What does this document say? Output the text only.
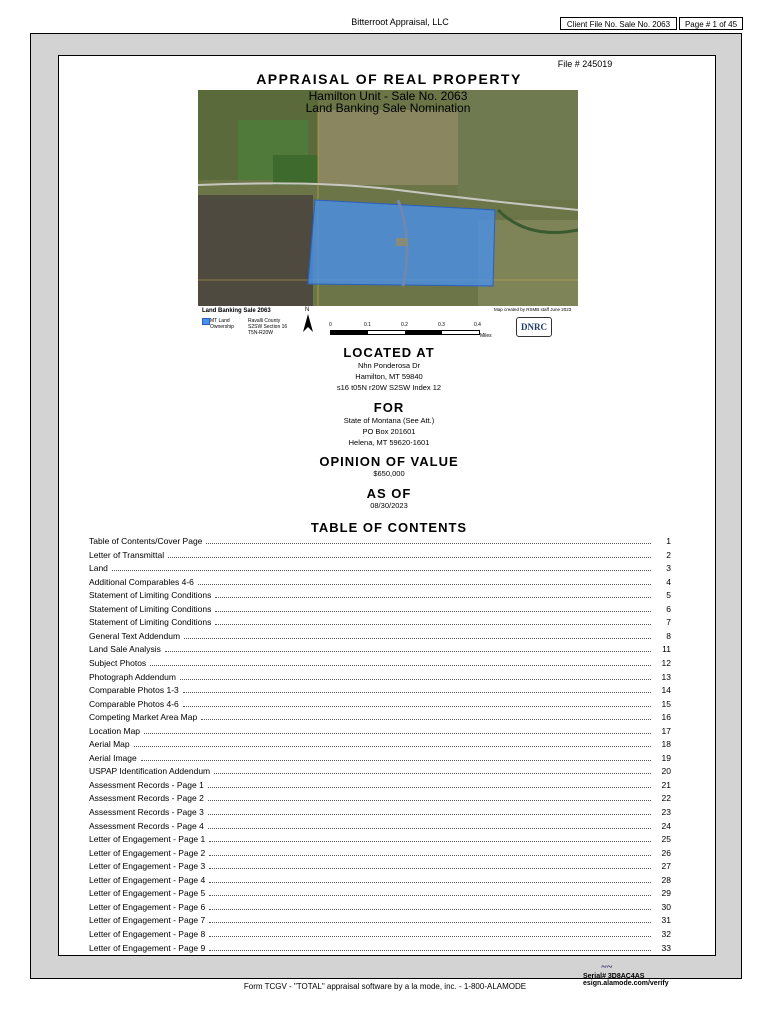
Bitterroot Appraisal, LLC	Client File No. Sale No. 2063	Page # 1 of 45
File # 245019
APPRAISAL OF REAL PROPERTY
Hamilton Unit - Sale No. 2063
Land Banking Sale Nomination
Land Banking Sale 2063
MT Land Ownership
Ravalli County
S2SW Section 16
T5N-R20W
N
0	0.1	0.2	0.3	0.4
Miles
Map created by RSMB staff June 2023
DNRC
LOCATED AT
Nhn Ponderosa Dr
Hamilton, MT 59840
s16 t05N r20W S2SW Index 12
FOR
State of Montana (See Att.)
PO Box 201601
Helena, MT 59620-1601
OPINION OF VALUE
$650,000
AS OF
08/30/2023
TABLE OF CONTENTS
Table of Contents/Cover Page	1
Letter of Transmittal	2
Land	3
Additional Comparables 4-6	4
Statement of Limiting Conditions	5
Statement of Limiting Conditions	6
Statement of Limiting Conditions	7
General Text Addendum	8
Land Sale Analysis	11
Subject Photos	12
Photograph Addendum	13
Comparable Photos 1-3	14
Comparable Photos 4-6	15
Competing Market Area Map	16
Location Map	17
Aerial Map	18
Aerial Image	19
USPAP Identification Addendum	20
Assessment Records - Page 1	21
Assessment Records - Page 2	22
Assessment Records - Page 3	23
Assessment Records - Page 4	24
Letter of Engagement - Page 1	25
Letter of Engagement - Page 2	26
Letter of Engagement - Page 3	27
Letter of Engagement - Page 4	28
Letter of Engagement - Page 5	29
Letter of Engagement - Page 6	30
Letter of Engagement - Page 7	31
Letter of Engagement - Page 8	32
Letter of Engagement - Page 9	33
Form TCGV - "TOTAL" appraisal software by a la mode, inc. - 1-800-ALAMODE
~~
Serial# 3D8AC4AS
esign.alamode.com/verify
